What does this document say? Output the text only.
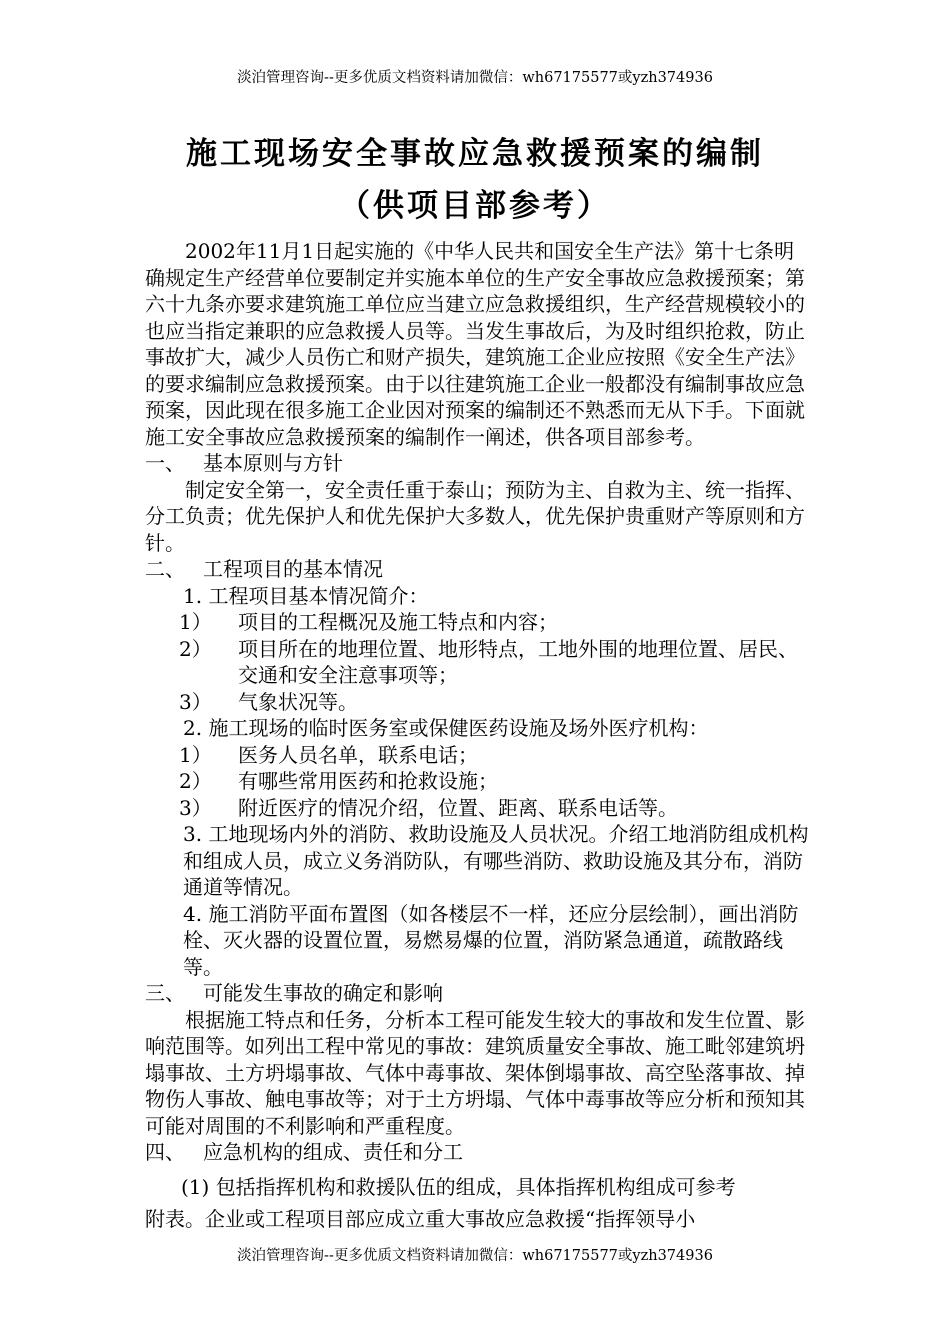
淡泊管理咨询--更多优质文档资料请加微信：wh67175577或yzh374936
施工现场安全事故应急救援预案的编制
（供项目部参考）

2002年11月1日起实施的《中华人民共和国安全生产法》第十七条明确规定生产经营单位要制定并实施本单位的生产安全事故应急救援预案；第六十九条亦要求建筑施工单位应当建立应急救援组织，生产经营规模较小的也应当指定兼职的应急救援人员等。当发生事故后，为及时组织抢救，防止事故扩大，减少人员伤亡和财产损失，建筑施工企业应按照《安全生产法》的要求编制应急救援预案。由于以往建筑施工企业一般都没有编制事故应急预案，因此现在很多施工企业因对预案的编制还不熟悉而无从下手。下面就施工安全事故应急救援预案的编制作一阐述，供各项目部参考。

一、 基本原则与方针

制定安全第一，安全责任重于泰山；预防为主、自救为主、统一指挥、分工负责；优先保护人和优先保护大多数人，优先保护贵重财产等原则和方针。

二、 工程项目的基本情况

1. 工程项目基本情况简介：

1） 项目的工程概况及施工特点和内容；

2） 项目所在的地理位置、地形特点，工地外围的地理位置、居民、交通和安全注意事项等；

3） 气象状况等。

2. 施工现场的临时医务室或保健医药设施及场外医疗机构：

1） 医务人员名单，联系电话；

2） 有哪些常用医药和抢救设施；

3） 附近医疗的情况介绍，位置、距离、联系电话等。

3. 工地现场内外的消防、救助设施及人员状况。介绍工地消防组成机构和组成人员，成立义务消防队，有哪些消防、救助设施及其分布，消防通道等情况。

4. 施工消防平面布置图（如各楼层不一样，还应分层绘制），画出消防栓、灭火器的设置位置，易燃易爆的位置，消防紧急通道，疏散路线等。

三、 可能发生事故的确定和影响

根据施工特点和任务，分析本工程可能发生较大的事故和发生位置、影响范围等。如列出工程中常见的事故：建筑质量安全事故、施工毗邻建筑坍塌事故、土方坍塌事故、气体中毒事故、架体倒塌事故、高空坠落事故、掉物伤人事故、触电事故等；对于土方坍塌、气体中毒事故等应分析和预知其可能对周围的不利影响和严重程度。

四、 应急机构的组成、责任和分工

(1) 包括指挥机构和救援队伍的组成，具体指挥机构组成可参考

附表。企业或工程项目部应成立重大事故应急救援“指挥领导小

淡泊管理咨询--更多优质文档资料请加微信：wh67175577或yzh374936
